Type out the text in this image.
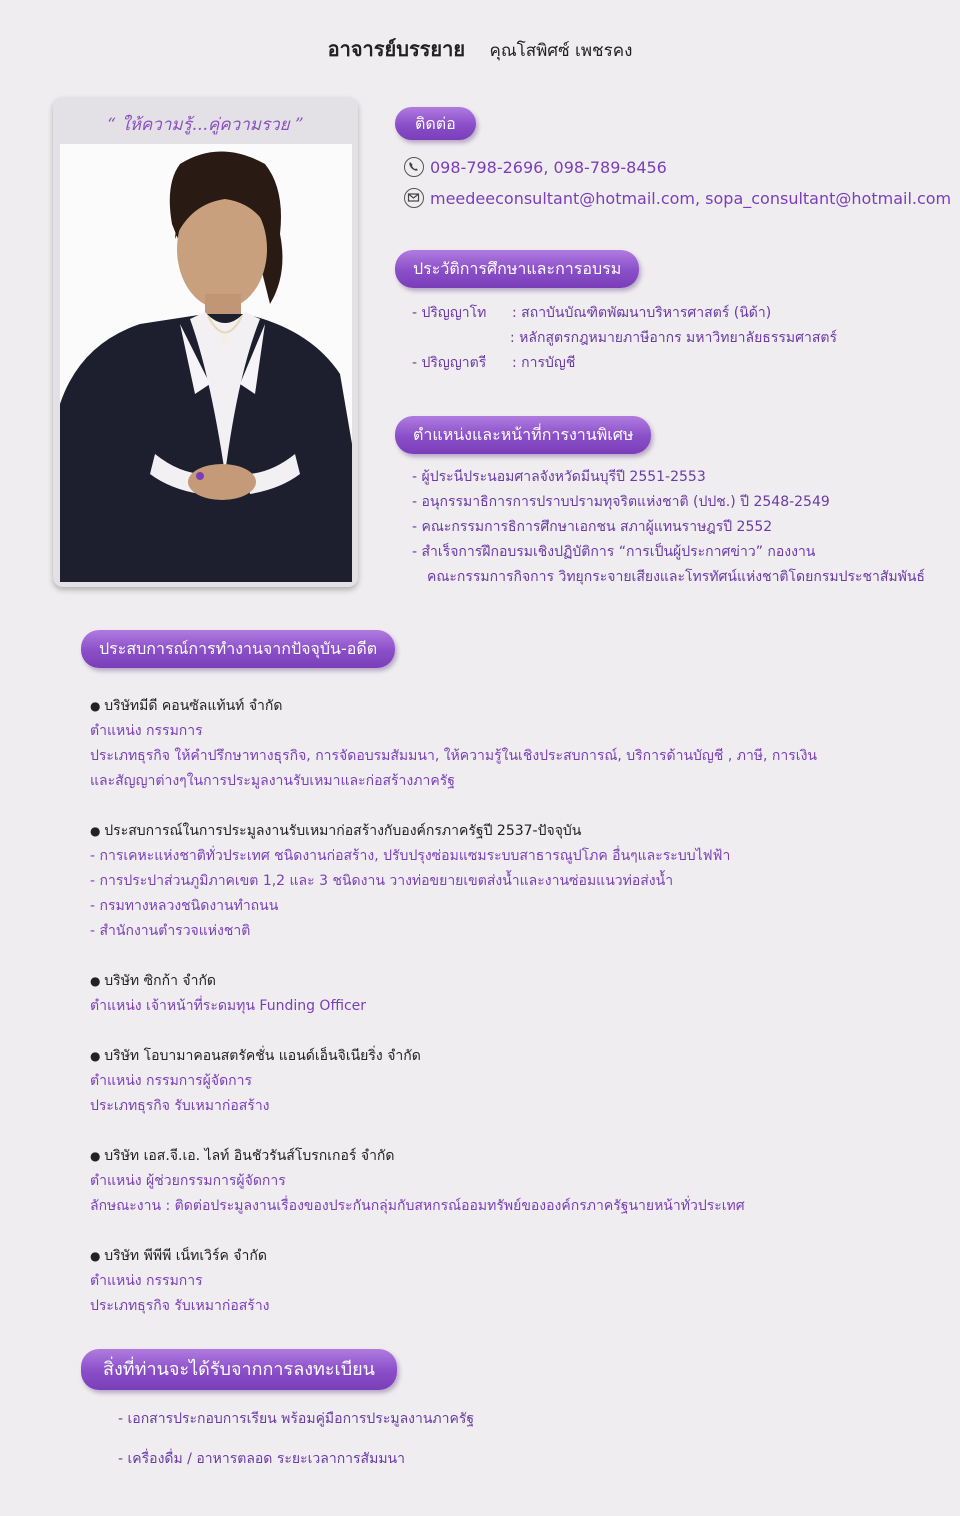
อาจารย์บรรยาย คุณโสพิศซ์ เพชรคง
“ ให้ความรู้...คู่ความรวย ”	ติดต่อ
098-798-2696, 098-789-8456
meedeeconsultant@hotmail.com, sopa_consultant@hotmail.com
ประวัติการศึกษาและการอบรม
- ปริญญาโท : สถาบันบัณฑิตพัฒนาบริหารศาสตร์ (นิด้า)
: หลักสูตรกฎหมายภาษีอากร มหาวิทยาลัยธรรมศาสตร์
- ปริญญาตรี : การบัญชี
ตำแหน่งและหน้าที่การงานพิเศษ
- ผู้ประนีประนอมศาลจังหวัดมีนบุรีปี 2551-2553
- อนุกรรมาธิการการปราบปรามทุจริตแห่งชาติ (ปปช.) ปี 2548-2549
- คณะกรรมการธิการศึกษาเอกชน สภาผู้แทนราษฎรปี 2552
- สำเร็จการฝึกอบรมเชิงปฏิบัติการ “การเป็นผู้ประกาศข่าว” กองงาน
คณะกรรมการกิจการ วิทยุกระจายเสียงและโทรทัศน์แห่งชาติโดยกรมประชาสัมพันธ์
ประสบการณ์การทำงานจากปัจจุบัน-อดีต
● บริษัทมีดี คอนซัลแท้นท์ จำกัด
ตำแหน่ง กรรมการ
ประเภทธุรกิจ ให้คำปรึกษาทางธุรกิจ, การจัดอบรมสัมมนา, ให้ความรู้ในเชิงประสบการณ์, บริการด้านบัญชี , ภาษี, การเงิน
และสัญญาต่างๆในการประมูลงานรับเหมาและก่อสร้างภาครัฐ
● ประสบการณ์ในการประมูลงานรับเหมาก่อสร้างกับองค์กรภาครัฐปี 2537-ปัจจุบัน
- การเคหะแห่งชาติทั่วประเทศ ชนิดงานก่อสร้าง, ปรับปรุงซ่อมแซมระบบสาธารณูปโภค อื่นๆและระบบไฟฟ้า
- การประปาส่วนภูมิภาคเขต 1,2 และ 3 ชนิดงาน วางท่อขยายเขตส่งน้ำและงานซ่อมแนวท่อส่งน้ำ
- กรมทางหลวงชนิดงานทำถนน
- สำนักงานตำรวจแห่งชาติ
● บริษัท ซิกก้า จำกัด
ตำแหน่ง เจ้าหน้าที่ระดมทุน Funding Officer
● บริษัท โอบามาคอนสตรัคชั่น แอนด์เอ็นจิเนียริ่ง จำกัด
ตำแหน่ง กรรมการผู้จัดการ
ประเภทธุรกิจ รับเหมาก่อสร้าง
● บริษัท เอส.จี.เอ. ไลท์ อินชัวรันส์โบรกเกอร์ จำกัด
ตำแหน่ง ผู้ช่วยกรรมการผู้จัดการ
ลักษณะงาน : ติดต่อประมูลงานเรื่องของประกันกลุ่มกับสหกรณ์ออมทรัพย์ขององค์กรภาครัฐนายหน้าทั่วประเทศ
● บริษัท พีพีพี เน็ทเวิร์ค จำกัด
ตำแหน่ง กรรมการ
ประเภทธุรกิจ รับเหมาก่อสร้าง
สิ่งที่ท่านจะได้รับจากการลงทะเบียน
- เอกสารประกอบการเรียน พร้อมคู่มือการประมูลงานภาครัฐ
- เครื่องดื่ม / อาหารตลอด ระยะเวลาการสัมมนา
